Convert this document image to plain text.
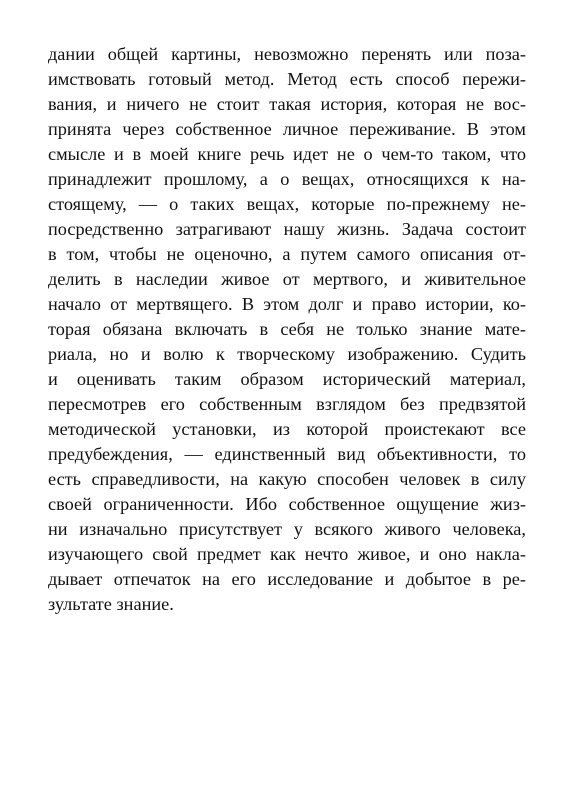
дании общей картины, невозможно перенять или поза-
имствовать готовый метод. Метод есть способ пережи-
вания, и ничего не стоит такая история, которая не вос-
принята через собственное личное переживание. В этом
смысле и в моей книге речь идет не о чем-то таком, что
принадлежит прошлому, а о вещах, относящихся к на-
стоящему, — о таких вещах, которые по-прежнему не-
посредственно затрагивают нашу жизнь. Задача состоит
в том, чтобы не оценочно, а путем самого описания от-
делить в наследии живое от мертвого, и живительное
начало от мертвящего. В этом долг и право истории, ко-
торая обязана включать в себя не только знание мате-
риала, но и волю к творческому изображению. Судить
и оценивать таким образом исторический материал,
пересмотрев его собственным взглядом без предвзятой
методической установки, из которой проистекают все
предубеждения, — единственный вид объективности, то
есть справедливости, на какую способен человек в силу
своей ограниченности. Ибо собственное ощущение жиз-
ни изначально присутствует у всякого живого человека,
изучающего свой предмет как нечто живое, и оно накла-
дывает отпечаток на его исследование и добытое в ре-
зультате знание.
